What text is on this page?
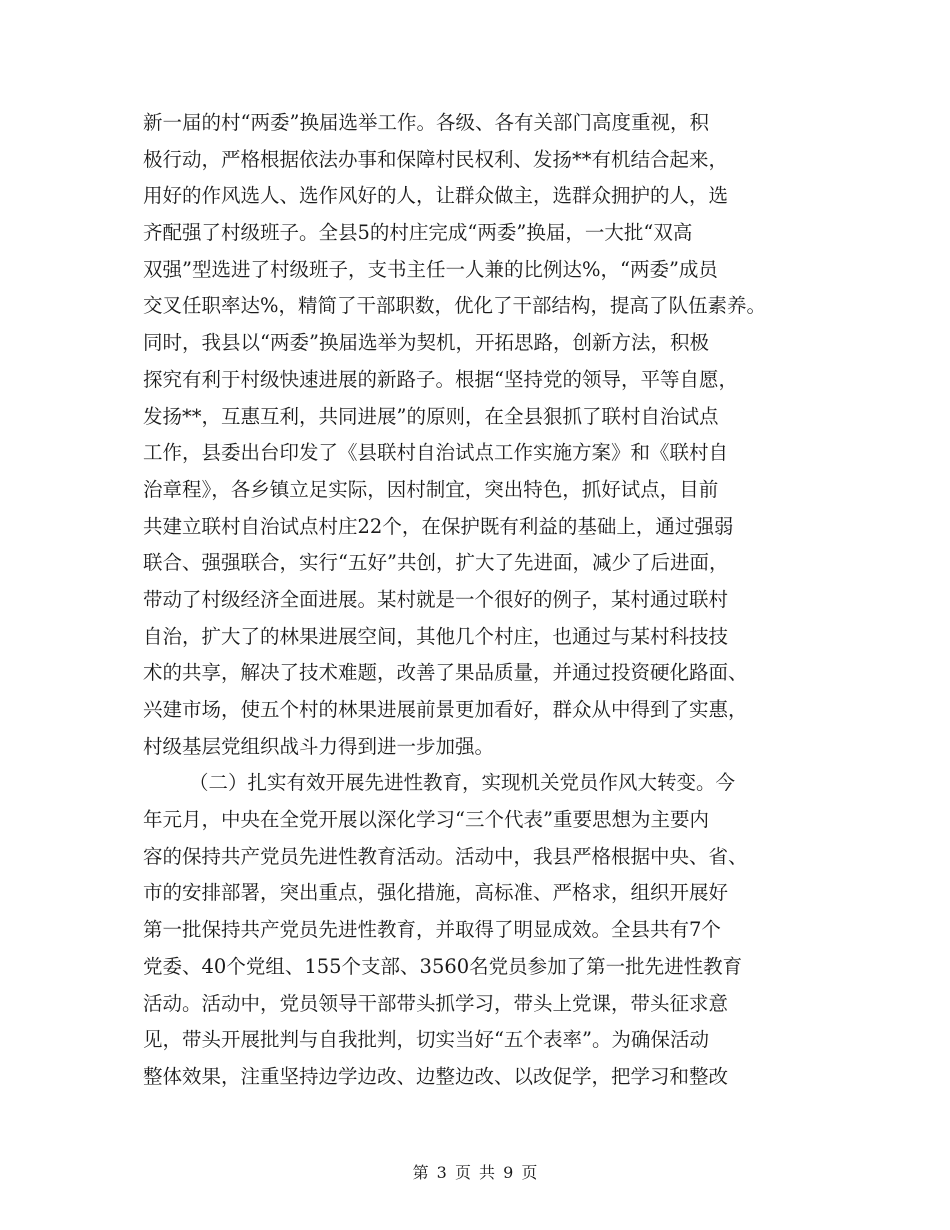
新一届的村“两委”换届选举工作。各级、各有关部门高度重视，积
极行动，严格根据依法办事和保障村民权利、发扬**有机结合起来，
用好的作风选人、选作风好的人，让群众做主，选群众拥护的人，选
齐配强了村级班子。全县5的村庄完成“两委”换届，一大批“双高
双强”型选进了村级班子，支书主任一人兼的比例达%，“两委”成员
交叉任职率达%，精简了干部职数，优化了干部结构，提高了队伍素养。
同时，我县以“两委”换届选举为契机，开拓思路，创新方法，积极
探究有利于村级快速进展的新路子。根据“坚持党的领导，平等自愿，
发扬**，互惠互利，共同进展”的原则，在全县狠抓了联村自治试点
工作，县委出台印发了《县联村自治试点工作实施方案》和《联村自
治章程》，各乡镇立足实际，因村制宜，突出特色，抓好试点，目前
共建立联村自治试点村庄22个，在保护既有利益的基础上，通过强弱
联合、强强联合，实行“五好”共创，扩大了先进面，减少了后进面，
带动了村级经济全面进展。某村就是一个很好的例子，某村通过联村
自治，扩大了的林果进展空间，其他几个村庄，也通过与某村科技技
术的共享，解决了技术难题，改善了果品质量，并通过投资硬化路面、
兴建市场，使五个村的林果进展前景更加看好，群众从中得到了实惠，
村级基层党组织战斗力得到进一步加强。
（二）扎实有效开展先进性教育，实现机关党员作风大转变。今
年元月，中央在全党开展以深化学习“三个代表”重要思想为主要内
容的保持共产党员先进性教育活动。活动中，我县严格根据中央、省、
市的安排部署，突出重点，强化措施，高标准、严格求，组织开展好
第一批保持共产党员先进性教育，并取得了明显成效。全县共有7个
党委、40个党组、155个支部、3560名党员参加了第一批先进性教育
活动。活动中，党员领导干部带头抓学习，带头上党课，带头征求意
见，带头开展批判与自我批判，切实当好“五个表率”。为确保活动
整体效果，注重坚持边学边改、边整边改、以改促学，把学习和整改
第 3 页 共 9 页
